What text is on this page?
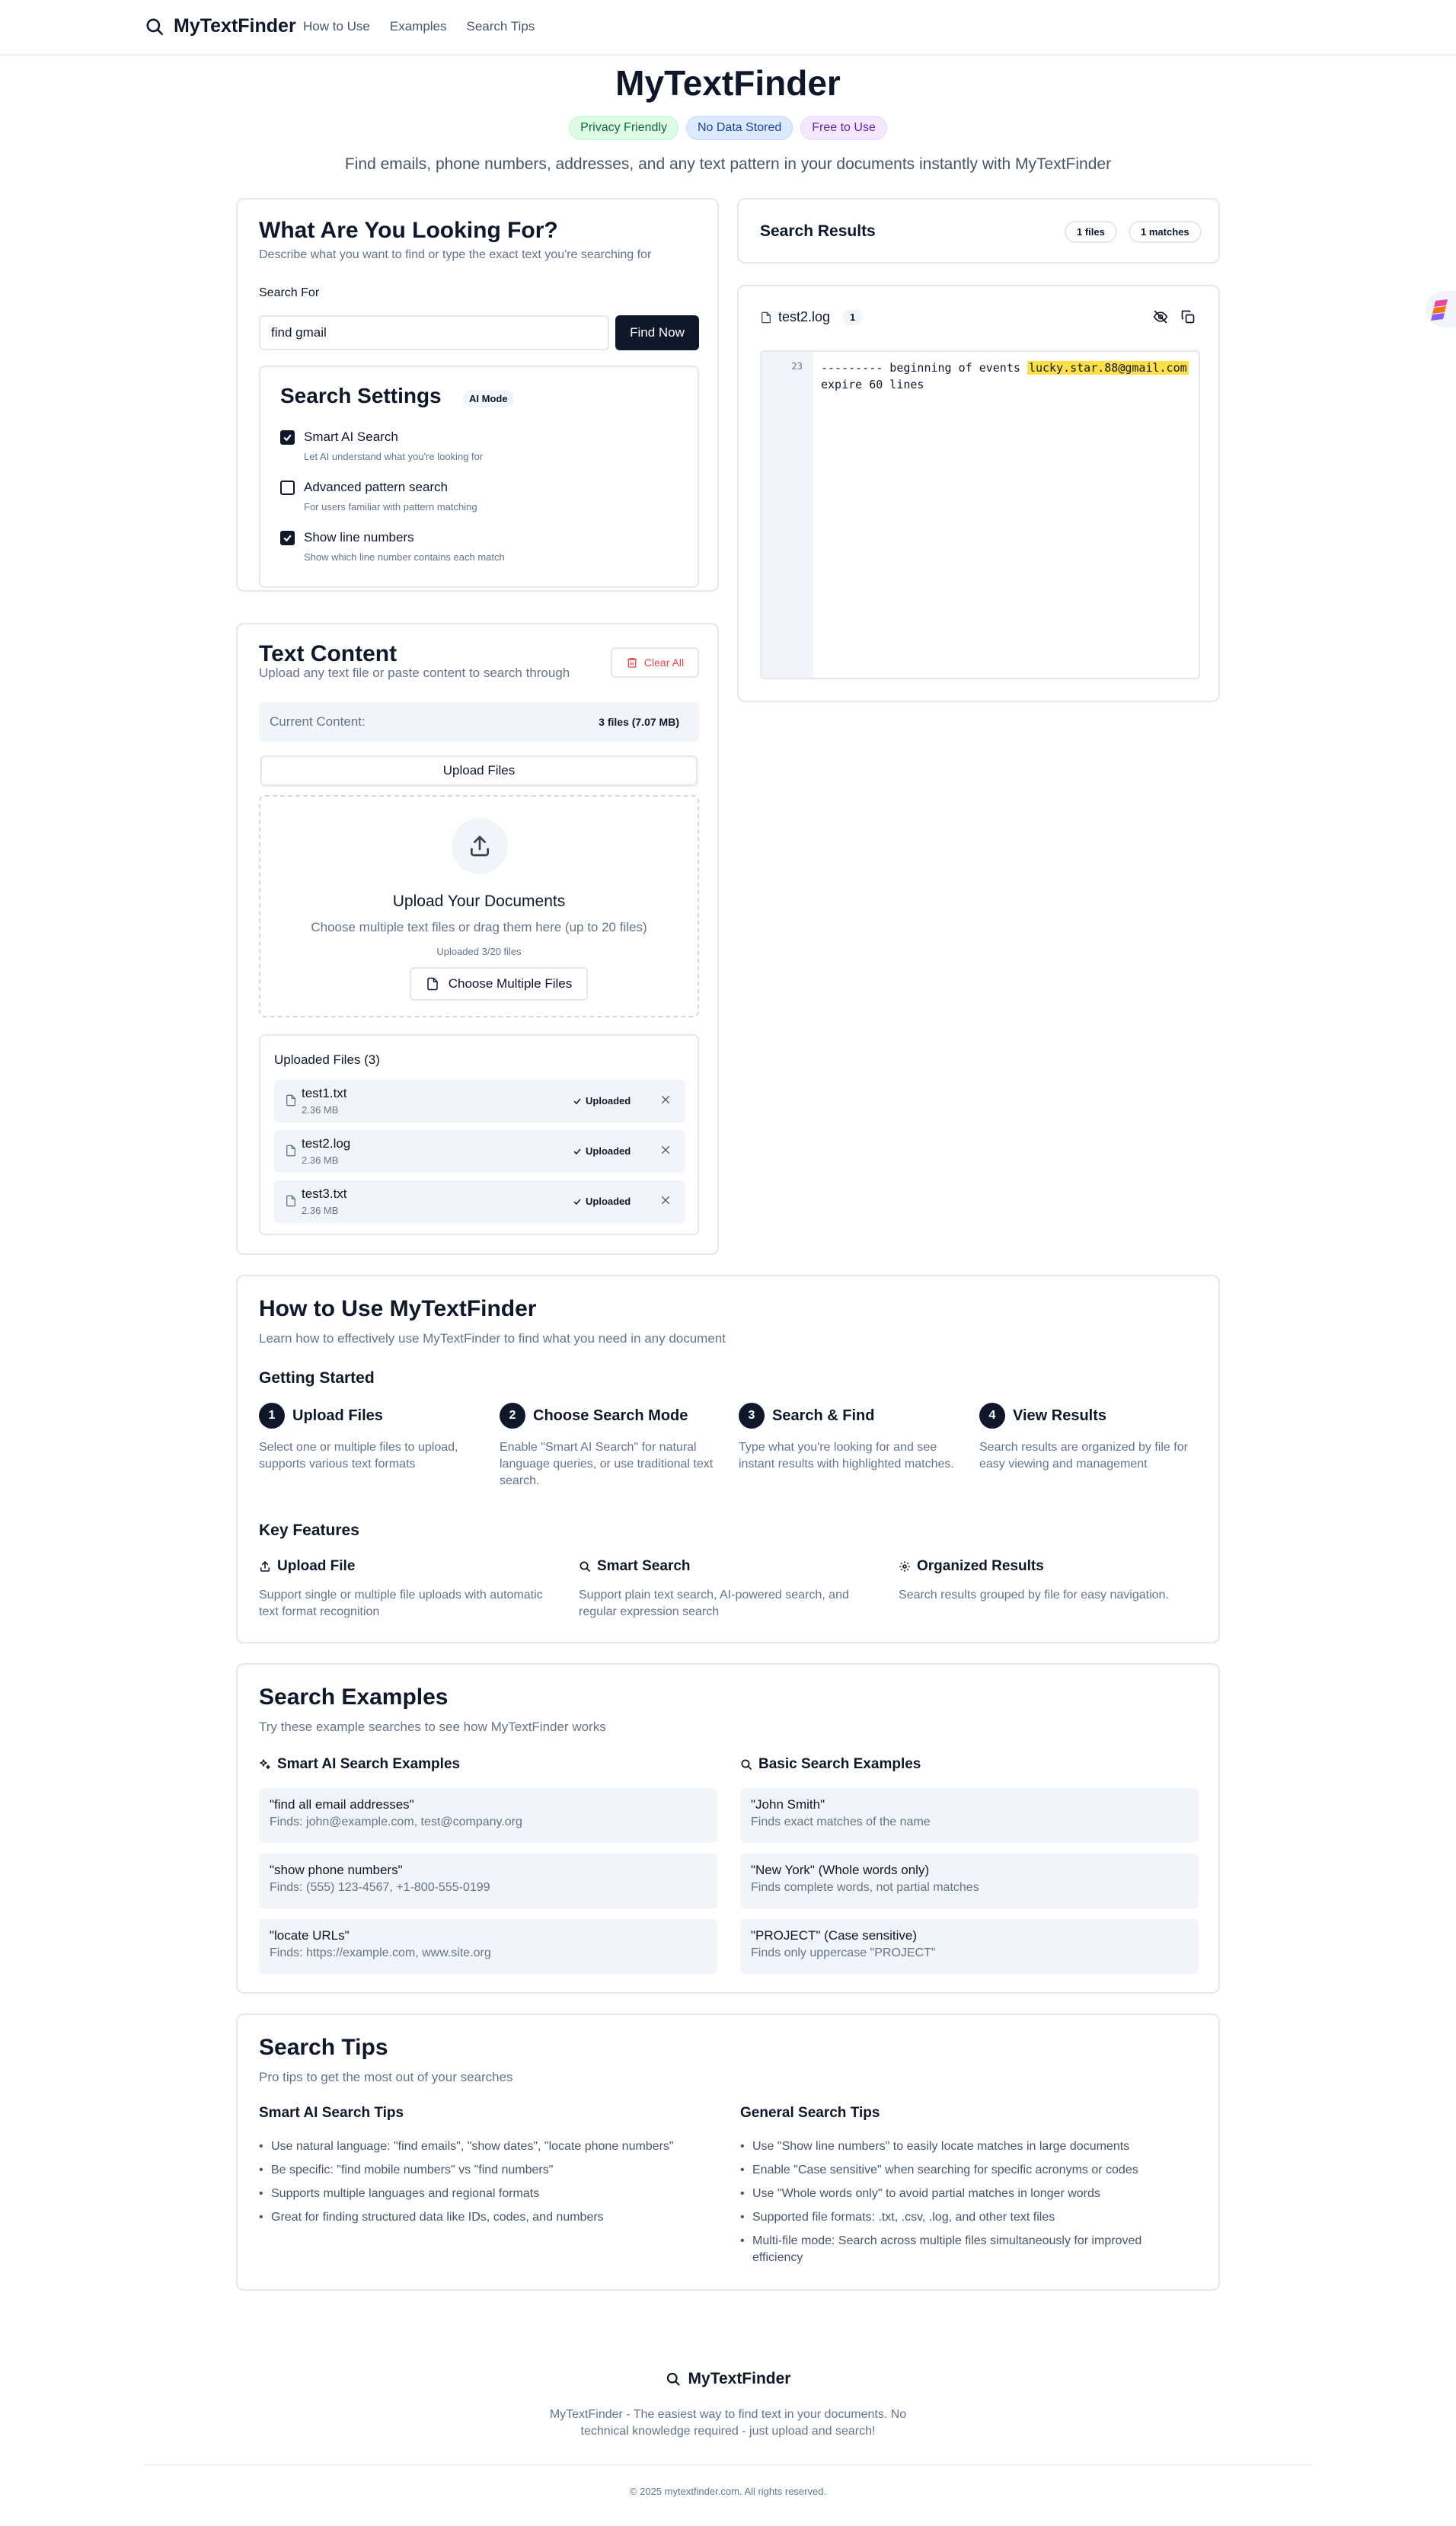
MyTextFinder How to Use Examples Search Tips
MyTextFinder
Privacy Friendly	No Data Stored	Free to Use
Find emails, phone numbers, addresses, and any text pattern in your documents instantly with MyTextFinder
What Are You Looking For?
Describe what you want to find or type the exact text you're searching for
Search For
find gmail
Find Now
Search Settings	AI Mode
Smart AI Search
Let AI understand what you're looking for
Advanced pattern search
For users familiar with pattern matching
Show line numbers
Show which line number contains each match
Text Content
Upload any text file or paste content to search through
Clear All
Current Content:	3 files (7.07 MB)
Upload Files
Upload Your Documents
Choose multiple text files or drag them here (up to 20 files)
Uploaded 3/20 files
Choose Multiple Files
Uploaded Files (3)
test1.txt
2.36 MB
Uploaded
test2.log
2.36 MB
Uploaded
test3.txt
2.36 MB
Uploaded
Search Results	1 files	1 matches
test2.log	1
23	--------- beginning of events lucky.star.88@gmail.com expire 60 lines
How to Use MyTextFinder
Learn how to effectively use MyTextFinder to find what you need in any document
Getting Started
1 Upload Files
Select one or multiple files to upload, supports various text formats
2 Choose Search Mode
Enable "Smart AI Search" for natural language queries, or use traditional text search.
3 Search & Find
Type what you're looking for and see instant results with highlighted matches.
4 View Results
Search results are organized by file for easy viewing and management
Key Features
Upload File
Support single or multiple file uploads with automatic text format recognition
Smart Search
Support plain text search, AI-powered search, and regular expression search
Organized Results
Search results grouped by file for easy navigation.
Search Examples
Try these example searches to see how MyTextFinder works
Smart AI Search Examples	Basic Search Examples
"find all email addresses"
Finds: john@example.com, test@company.org
"show phone numbers"
Finds: (555) 123-4567, +1-800-555-0199
"locate URLs"
Finds: https://example.com, www.site.org
"John Smith"
Finds exact matches of the name
"New York" (Whole words only)
Finds complete words, not partial matches
"PROJECT" (Case sensitive)
Finds only uppercase "PROJECT"
Search Tips
Pro tips to get the most out of your searches
Smart AI Search Tips	General Search Tips
• Use natural language: "find emails", "show dates", "locate phone numbers"
• Be specific: "find mobile numbers" vs "find numbers"
• Supports multiple languages and regional formats
• Great for finding structured data like IDs, codes, and numbers
• Use "Show line numbers" to easily locate matches in large documents
• Enable "Case sensitive" when searching for specific acronyms or codes
• Use "Whole words only" to avoid partial matches in longer words
• Supported file formats: .txt, .csv, .log, and other text files
• Multi-file mode: Search across multiple files simultaneously for improved efficiency
MyTextFinder
MyTextFinder - The easiest way to find text in your documents. No technical knowledge required - just upload and search!
© 2025 mytextfinder.com. All rights reserved.
